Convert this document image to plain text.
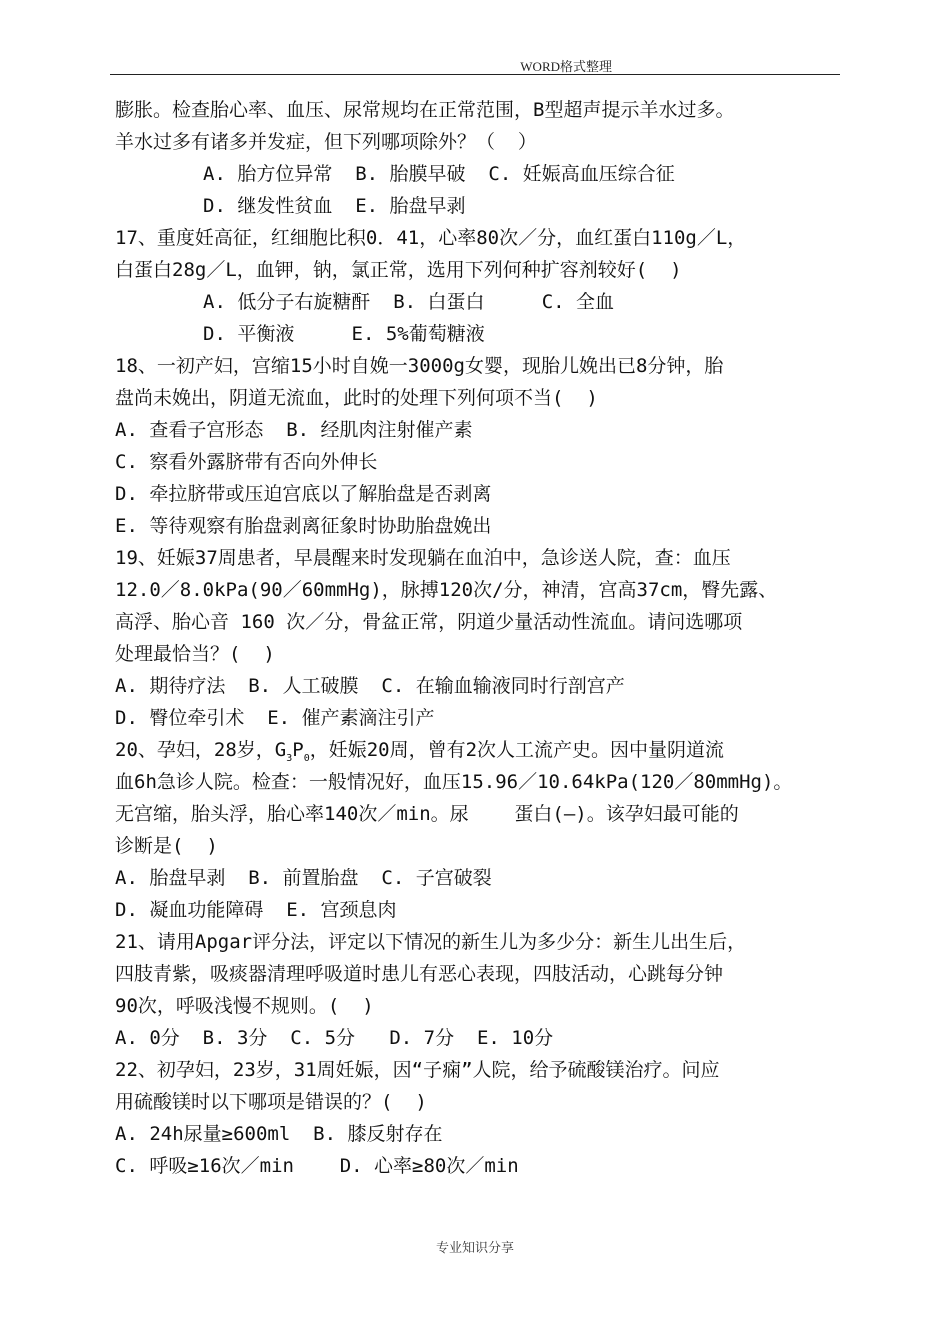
WORD格式整理
膨胀。检查胎心率、血压、尿常规均在正常范围，B型超声提示羊水过多。
羊水过多有诸多并发症，但下列哪项除外？（  ）
A. 胎方位异常  B. 胎膜早破  C. 妊娠高血压综合征
D. 继发性贫血  E. 胎盘早剥
17、重度妊高征，红细胞比积0．41，心率80次／分，血红蛋白110g／L，
白蛋白28g／L，血钾，钠，氯正常，选用下列何种扩容剂较好(  )
A. 低分子右旋糖酐  B. 白蛋白     C. 全血
D. 平衡液     E. 5%葡萄糖液
18、一初产妇，宫缩15小时自娩一3000g女婴，现胎儿娩出已8分钟，胎
盘尚未娩出，阴道无流血，此时的处理下列何项不当(  )
A. 查看子宫形态  B. 经肌肉注射催产素
C. 察看外露脐带有否向外伸长
D. 牵拉脐带或压迫宫底以了解胎盘是否剥离
E. 等待观察有胎盘剥离征象时协助胎盘娩出
19、妊娠37周患者，早晨醒来时发现躺在血泊中，急诊送人院，查：血压
12.0／8.0kPa(90／60mmHg)，脉搏120次/分，神清，宫高37cm，臀先露、
高浮、胎心音 160 次／分，骨盆正常，阴道少量活动性流血。请问选哪项
处理最恰当？(  )
A. 期待疗法  B. 人工破膜  C. 在输血输液同时行剖宫产
D. 臀位牵引术  E. 催产素滴注引产
20、孕妇，28岁，$G_3P_0$，妊娠20周，曾有2次人工流产史。因中量阴道流
血6h急诊人院。检查：一般情况好，血压15.96／10.64kPa(120／80mmHg)。
无宫缩，胎头浮，胎心率140次／min。尿    蛋白(—)。该孕妇最可能的
诊断是(  )
A. 胎盘早剥  B. 前置胎盘  C. 子宫破裂
D. 凝血功能障碍  E. 宫颈息肉
21、请用Apgar评分法，评定以下情况的新生儿为多少分：新生儿出生后，
四肢青紫，吸痰器清理呼吸道时患儿有恶心表现，四肢活动，心跳每分钟
90次，呼吸浅慢不规则。(  )
A. 0分  B. 3分  C. 5分   D. 7分  E. 10分
22、初孕妇，23岁，31周妊娠，因“子痫”人院，给予硫酸镁治疗。问应
用硫酸镁时以下哪项是错误的？(  )
A. 24h尿量≥600ml  B. 膝反射存在
C. 呼吸≥16次／min    D. 心率≥80次／min
专业知识分享
